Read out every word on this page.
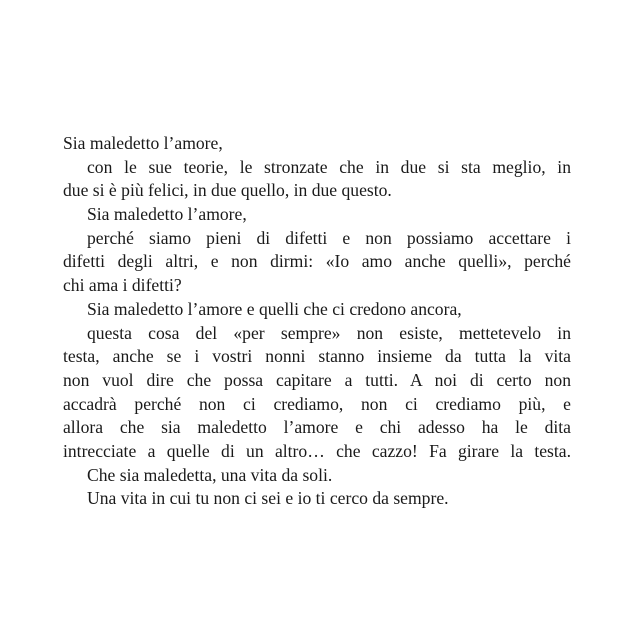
Sia maledetto l’amore,
con le sue teorie, le stronzate che in due si sta meglio, in
due si è più felici, in due quello, in due questo.
Sia maledetto l’amore,
perché siamo pieni di difetti e non possiamo accettare i
difetti degli altri, e non dirmi: «Io amo anche quelli», perché
chi ama i difetti?
Sia maledetto l’amore e quelli che ci credono ancora,
questa cosa del «per sempre» non esiste, mettetevelo in
testa, anche se i vostri nonni stanno insieme da tutta la vita
non vuol dire che possa capitare a tutti. A noi di certo non
accadrà perché non ci crediamo, non ci crediamo più, e
allora che sia maledetto l’amore e chi adesso ha le dita
intrecciate a quelle di un altro… che cazzo! Fa girare la testa.
Che sia maledetta, una vita da soli.
Una vita in cui tu non ci sei e io ti cerco da sempre.
